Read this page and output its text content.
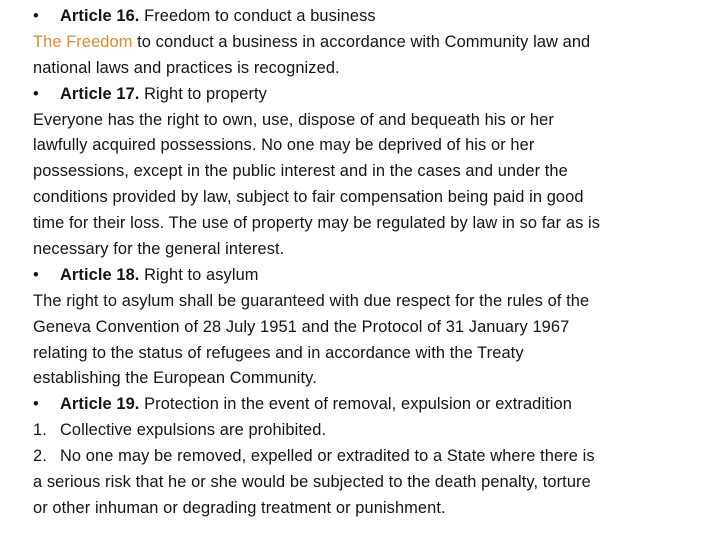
• Article 16. Freedom to conduct a business
The Freedom to conduct a business in accordance with Community law and
national laws and practices is recognized.
• Article 17. Right to property
Everyone has the right to own, use, dispose of and bequeath his or her
lawfully acquired possessions. No one may be deprived of his or her
possessions, except in the public interest and in the cases and under the
conditions provided by law, subject to fair compensation being paid in good
time for their loss. The use of property may be regulated by law in so far as is
necessary for the general interest.
• Article 18. Right to asylum
The right to asylum shall be guaranteed with due respect for the rules of the
Geneva Convention of 28 July 1951 and the Protocol of 31 January 1967
relating to the status of refugees and in accordance with the Treaty
establishing the European Community.
• Article 19. Protection in the event of removal, expulsion or extradition
1. Collective expulsions are prohibited.
2. No one may be removed, expelled or extradited to a State where there is
a serious risk that he or she would be subjected to the death penalty, torture
or other inhuman or degrading treatment or punishment.
